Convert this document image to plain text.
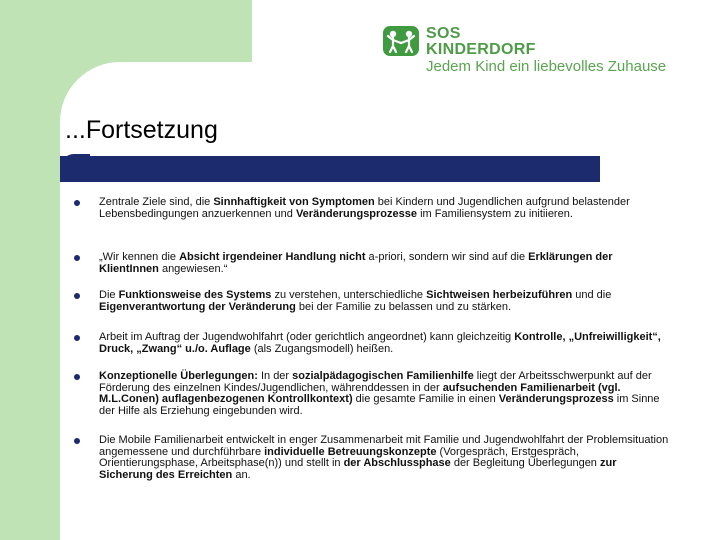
SOS
KINDERDORF
Jedem Kind ein liebevolles Zuhause
...Fortsetzung
Zentrale Ziele sind, die Sinnhaftigkeit von Symptomen bei Kindern und Jugendlichen aufgrund belastender Lebensbedingungen anzuerkennen und Veränderungsprozesse im Familiensystem zu initiieren.
„Wir kennen die Absicht irgendeiner Handlung nicht a-priori, sondern wir sind auf die Erklärungen der KlientInnen angewiesen.“
Die Funktionsweise des Systems zu verstehen, unterschiedliche Sichtweisen herbeizuführen und die Eigenverantwortung der Veränderung bei der Familie zu belassen und zu stärken.
Arbeit im Auftrag der Jugendwohlfahrt (oder gerichtlich angeordnet) kann gleichzeitig Kontrolle, „Unfreiwilligkeit“, Druck, „Zwang“ u./o. Auflage (als Zugangsmodell) heißen.
Konzeptionelle Überlegungen: In der sozialpädagogischen Familienhilfe liegt der Arbeitsschwerpunkt auf der Förderung des einzelnen Kindes/Jugendlichen, währenddessen in der aufsuchenden Familienarbeit (vgl. M.L.Conen) auflagenbezogenen Kontrollkontext) die gesamte Familie in einen Veränderungsprozess im Sinne der Hilfe als Erziehung eingebunden wird.
Die Mobile Familienarbeit entwickelt in enger Zusammenarbeit mit Familie und Jugendwohlfahrt der Problemsituation angemessene und durchführbare individuelle Betreuungskonzepte (Vorgespräch, Erstgespräch, Orientierungsphase, Arbeitsphase(n)) und stellt in der Abschlussphase der Begleitung Überlegungen zur Sicherung des Erreichten an.
